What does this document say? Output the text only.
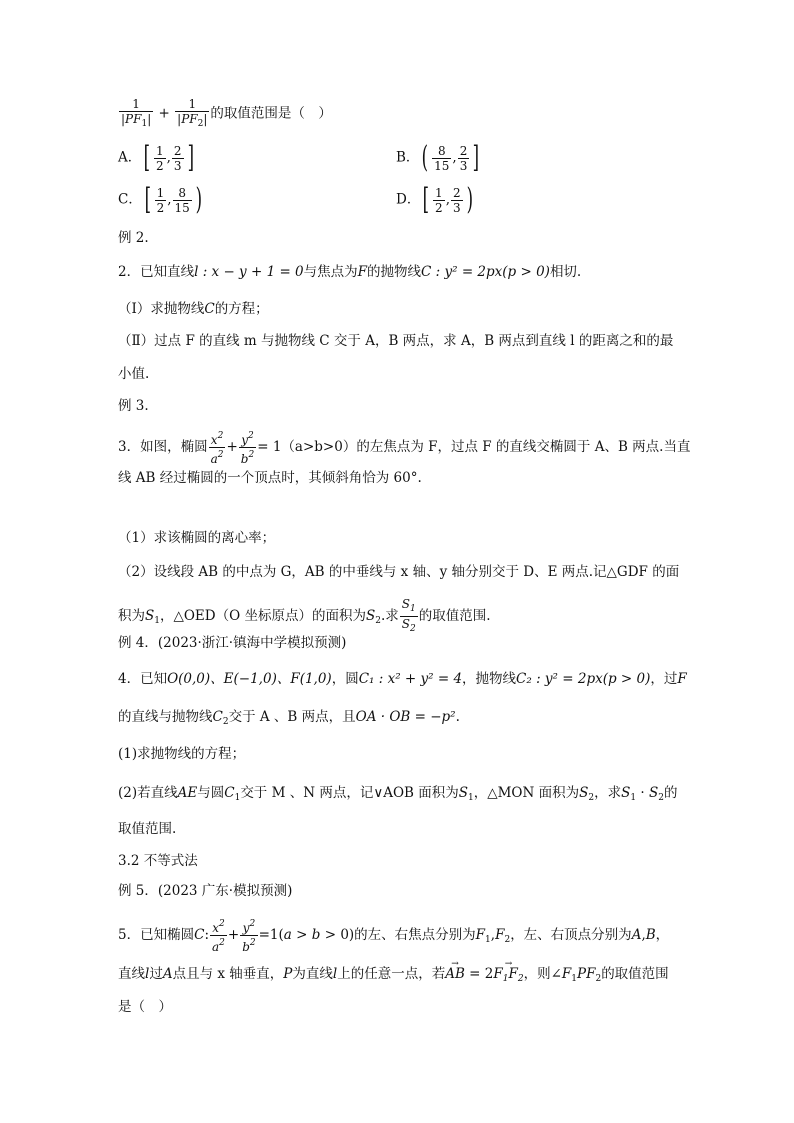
$\frac{1}{|PF_1|} + \frac{1}{|PF_2|}$ 的取值范围是（　）
A．[ $\frac{1}{2}$ , $\frac{2}{3}$ ]	B．( $\frac{8}{15}$ , $\frac{2}{3}$ ]
C．[ $\frac{1}{2}$ , $\frac{8}{15}$ )	D．[ $\frac{1}{2}$ , $\frac{2}{3}$ )
例 2.
2．已知直线l : x − y + 1 = 0与焦点为F的抛物线C : y² = 2px(p > 0)相切.
（Ⅰ）求抛物线C的方程；
（Ⅱ）过点 F 的直线 m 与抛物线 C 交于 A，B 两点，求 A，B 两点到直线 l 的距离之和的最
小值.
例 3.
3．如图，椭圆 $\frac{x^2}{a^2} + \frac{y^2}{b^2} = 1(a>b>0)$的左焦点为 F，过点 F 的直线交椭圆于 A、B 两点.当直
线 AB 经过椭圆的一个顶点时，其倾斜角恰为 60°.
（1）求该椭圆的离心率；
（2）设线段 AB 的中点为 G，AB 的中垂线与 x 轴、y 轴分别交于 D、E 两点.记△GDF 的面
积为$S_1$，△OED（O 坐标原点）的面积为$S_2$.求 $\frac{S_1}{S_2}$ 的取值范围.
例 4．(2023·浙江·镇海中学模拟预测)
4．已知O(0,0)、E(−1,0)、F(1,0)，圆C₁ : x² + y² = 4，抛物线C₂ : y² = 2px(p > 0)，过F
的直线与抛物线$C_2$交于 A 、B 两点，且OA · OB = −p².
(1)求抛物线的方程；
(2)若直线AE与圆$C_1$交于 M 、N 两点，记∨AOB 面积为$S_1$，△MON 面积为$S_2$，求$S_1 \cdot S_2$的
取值范围.
3.2 不等式法
例 5．(2023 广东·模拟预测)
5．已知椭圆C: $\frac{x^2}{a^2} + \frac{y^2}{b^2} =1(a > b > 0)$的左、右焦点分别为$F_1,F_2$，左、右顶点分别为A,B，
直线l过A点且与 x 轴垂直，P为直线l上的任意一点，若→ AB = $2\to F_1F_2$，则$\angle F_1PF_2$的取值范围
是（　）
